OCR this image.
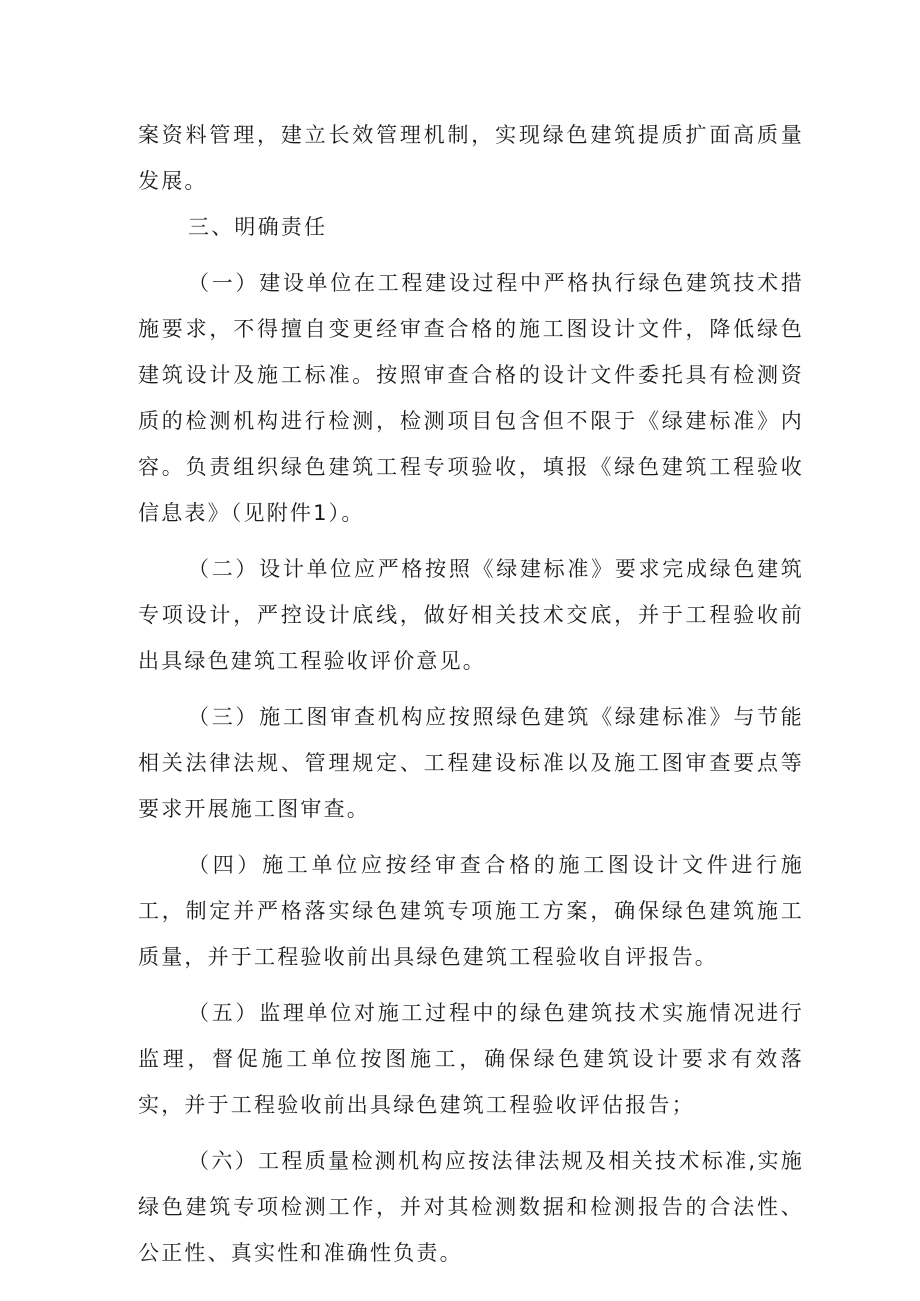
案资料管理，建立长效管理机制，实现绿色建筑提质扩面高质量发展。

三、明确责任

（一）建设单位在工程建设过程中严格执行绿色建筑技术措施要求，不得擅自变更经审查合格的施工图设计文件，降低绿色建筑设计及施工标准。按照审查合格的设计文件委托具有检测资质的检测机构进行检测，检测项目包含但不限于《绿建标准》内容。负责组织绿色建筑工程专项验收，填报《绿色建筑工程验收信息表》（见附件1）。

（二）设计单位应严格按照《绿建标准》要求完成绿色建筑专项设计，严控设计底线，做好相关技术交底，并于工程验收前出具绿色建筑工程验收评价意见。

（三）施工图审查机构应按照绿色建筑《绿建标准》与节能相关法律法规、管理规定、工程建设标准以及施工图审查要点等要求开展施工图审查。

（四）施工单位应按经审查合格的施工图设计文件进行施工，制定并严格落实绿色建筑专项施工方案，确保绿色建筑施工质量，并于工程验收前出具绿色建筑工程验收自评报告。

（五）监理单位对施工过程中的绿色建筑技术实施情况进行监理，督促施工单位按图施工，确保绿色建筑设计要求有效落实，并于工程验收前出具绿色建筑工程验收评估报告；

（六）工程质量检测机构应按法律法规及相关技术标准,实施绿色建筑专项检测工作，并对其检测数据和检测报告的合法性、公正性、真实性和准确性负责。
